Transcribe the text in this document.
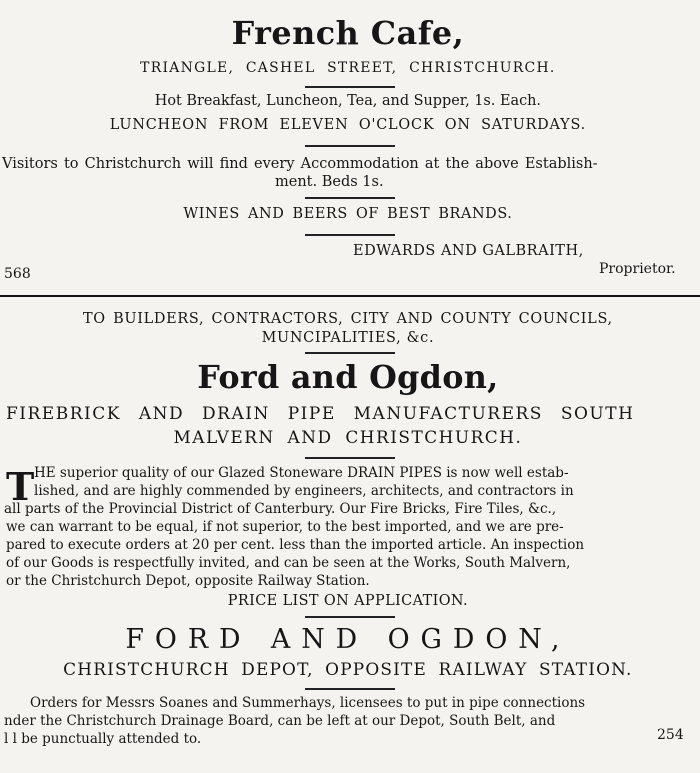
French Cafe,
TRIANGLE, CASHEL STREET, CHRISTCHURCH.
Hot Breakfast, Luncheon, Tea, and Supper, 1s. Each.
LUNCHEON FROM ELEVEN O'CLOCK ON SATURDAYS.
Visitors to Christchurch will find every Accommodation at the above Establish-
ment. Beds 1s.
WINES AND BEERS OF BEST BRANDS.
EDWARDS AND GALBRAITH,
Proprietor.
568
TO BUILDERS, CONTRACTORS, CITY AND COUNTY COUNCILS,
MUNCIPALITIES, &c.
Ford and Ogdon,
FIREBRICK AND DRAIN PIPE MANUFACTURERS SOUTH
MALVERN AND CHRISTCHURCH.
T HE superior quality of our Glazed Stoneware DRAIN PIPES is now well estab-
lished, and are highly commended by engineers, architects, and contractors in
all parts of the Provincial District of Canterbury. Our Fire Bricks, Fire Tiles, &c.,
we can warrant to be equal, if not superior, to the best imported, and we are pre-
pared to execute orders at 20 per cent. less than the imported article. An inspection
of our Goods is respectfully invited, and can be seen at the Works, South Malvern,
or the Christchurch Depot, opposite Railway Station.
PRICE LIST ON APPLICATION.
FORD AND OGDON,
CHRISTCHURCH DEPOT, OPPOSITE RAILWAY STATION.
Orders for Messrs Soanes and Summerhays, licensees to put in pipe connections
nder the Christchurch Drainage Board, can be left at our Depot, South Belt, and
l l be punctually attended to.	254
